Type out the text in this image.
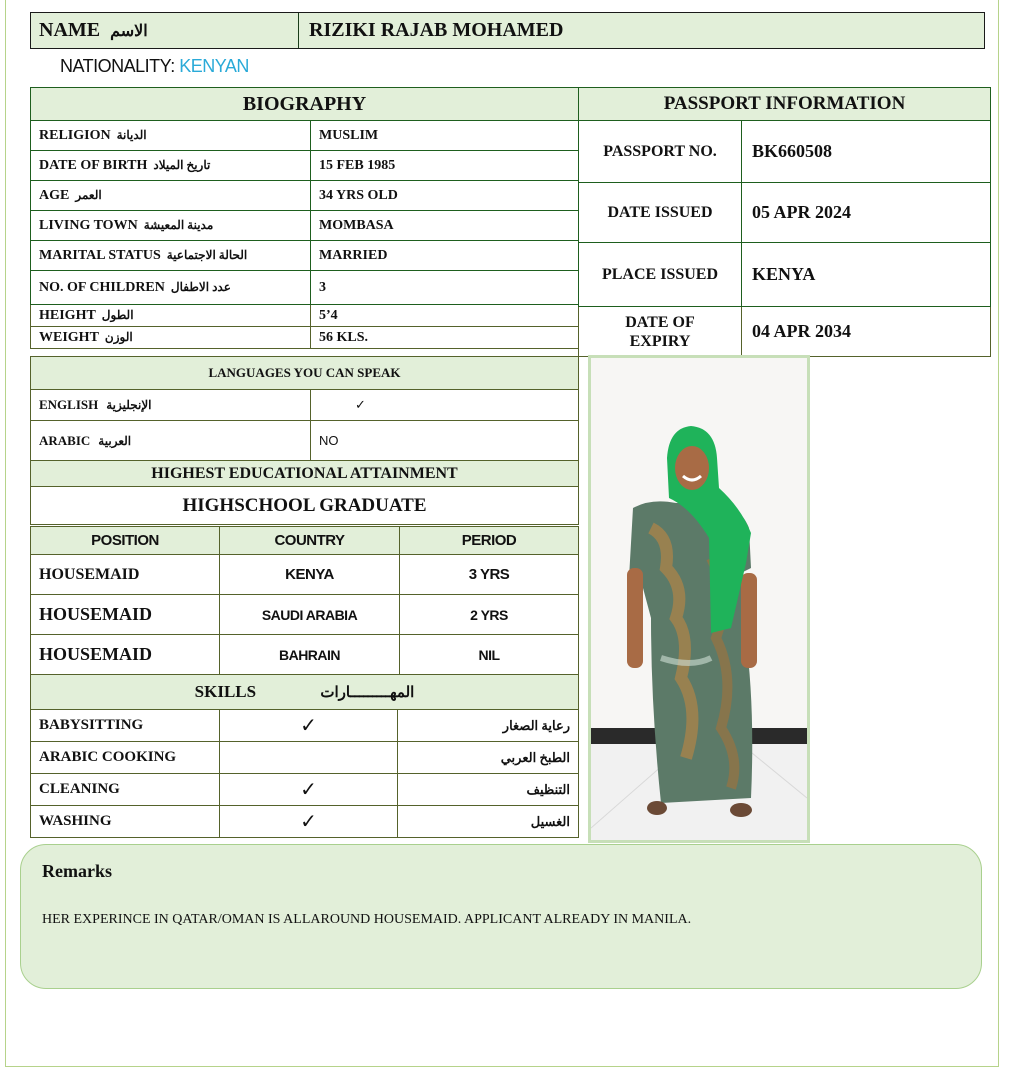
NAME الاسم	RIZIKI RAJAB MOHAMED
NATIONALITY: KENYAN
BIOGRAPHY	
RELIGION الديانة	MUSLIM
DATE OF BIRTH تاريخ الميلاد	15 FEB 1985
AGE العمر	34 YRS OLD
LIVING TOWN مدينة المعيشة	MOMBASA
MARITAL STATUS الحالة الاجتماعية	MARRIED
NO. OF CHILDREN عدد الاطفال	3
HEIGHT الطول	5’4
WEIGHT الوزن	56 KLS.
PASSPORT INFORMATION	
PASSPORT NO.	BK660508
DATE ISSUED	05 APR 2024
PLACE ISSUED	KENYA
DATE OF EXPIRY	04 APR 2034
LANGUAGES YOU CAN SPEAK	
ENGLISH الإنجليزية	✓
ARABIC العربية	NO
HIGHEST EDUCATIONAL ATTAINMENT	
HIGHSCHOOL GRADUATE	
POSITION	COUNTRY	PERIOD
HOUSEMAID	KENYA	3 YRS
HOUSEMAID	SAUDI ARABIA	2 YRS
HOUSEMAID	BAHRAIN	NIL
SKILLS المهـــــــــارات		
BABYSITTING	✓	رعاية الصغار
ARABIC COOKING		الطبخ العربي
CLEANING	✓	التنظيف
WASHING	✓	الغسيل
Remarks
HER EXPERINCE IN QATAR/OMAN IS ALLAROUND HOUSEMAID. APPLICANT ALREADY IN MANILA.
